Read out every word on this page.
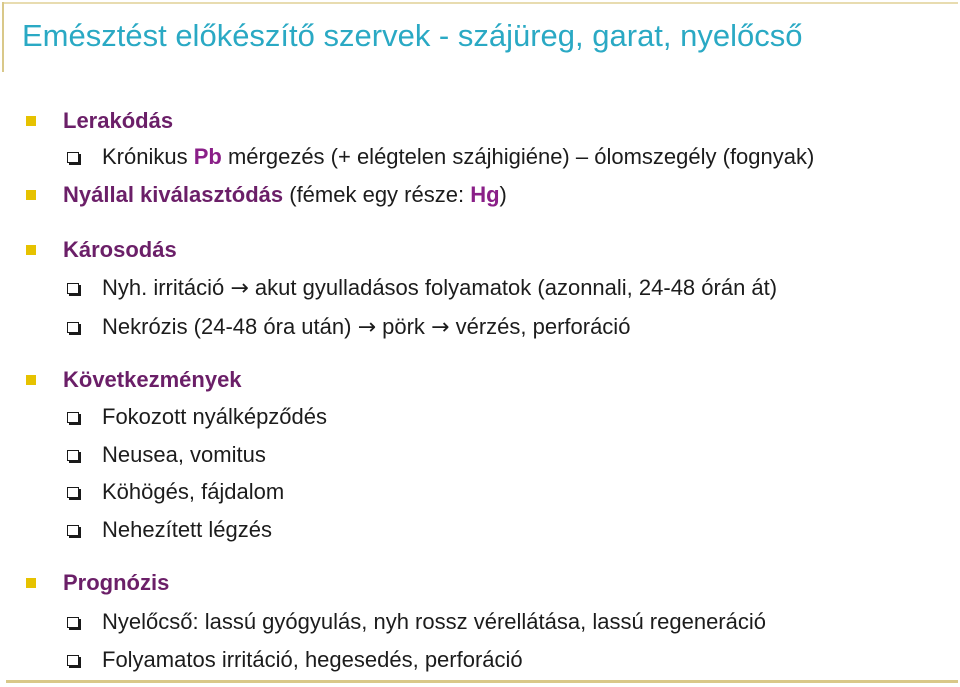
Emésztést előkészítő szervek - szájüreg, garat, nyelőcső
Lerakódás
Krónikus Pb mérgezés (+ elégtelen szájhigiéne) – ólomszegély (fognyak)
Nyállal kiválasztódás (fémek egy része: Hg)
Károsodás
Nyh. irritáció → akut gyulladásos folyamatok (azonnali, 24-48 órán át)
Nekrózis (24-48 óra után) → pörk → vérzés, perforáció
Következmények
Fokozott nyálképződés
Neusea, vomitus
Köhögés, fájdalom
Nehezített légzés
Prognózis
Nyelőcső: lassú gyógyulás, nyh rossz vérellátása, lassú regeneráció
Folyamatos irritáció, hegesedés, perforáció
